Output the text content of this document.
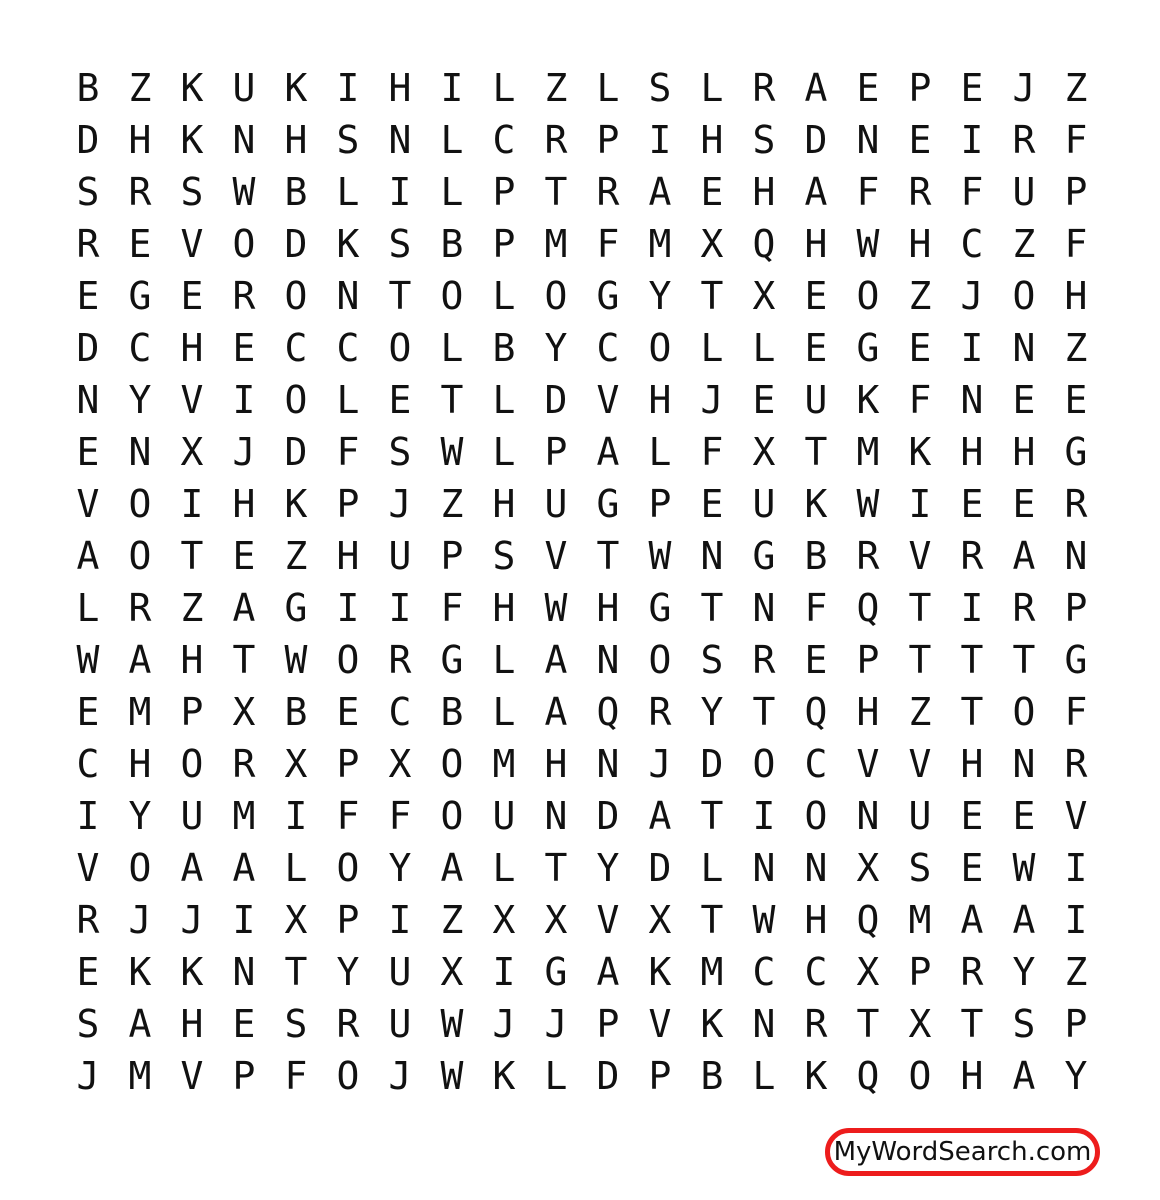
B Z K U K I H I L Z L S L R A E P E J Z
D H K N H S N L C R P I H S D N E I R F
S R S W B L I L P T R A E H A F R F U P
R E V O D K S B P M F M X Q H W H C Z F
E G E R O N T O L O G Y T X E O Z J O H
D C H E C C O L B Y C O L L E G E I N Z
N Y V I O L E T L D V H J E U K F N E E
E N X J D F S W L P A L F X T M K H H G
V O I H K P J Z H U G P E U K W I E E R
A O T E Z H U P S V T W N G B R V R A N
L R Z A G I I F H W H G T N F Q T I R P
W A H T W O R G L A N O S R E P T T T G
E M P X B E C B L A Q R Y T Q H Z T O F
C H O R X P X O M H N J D O C V V H N R
I Y U M I F F O U N D A T I O N U E E V
V O A A L O Y A L T Y D L N N X S E W I
R J J I X P I Z X X V X T W H Q M A A I
E K K N T Y U X I G A K M C C X P R Y Z
S A H E S R U W J J P V K N R T X T S P
J M V P F O J W K L D P B L K Q O H A Y
MyWordSearch.com
